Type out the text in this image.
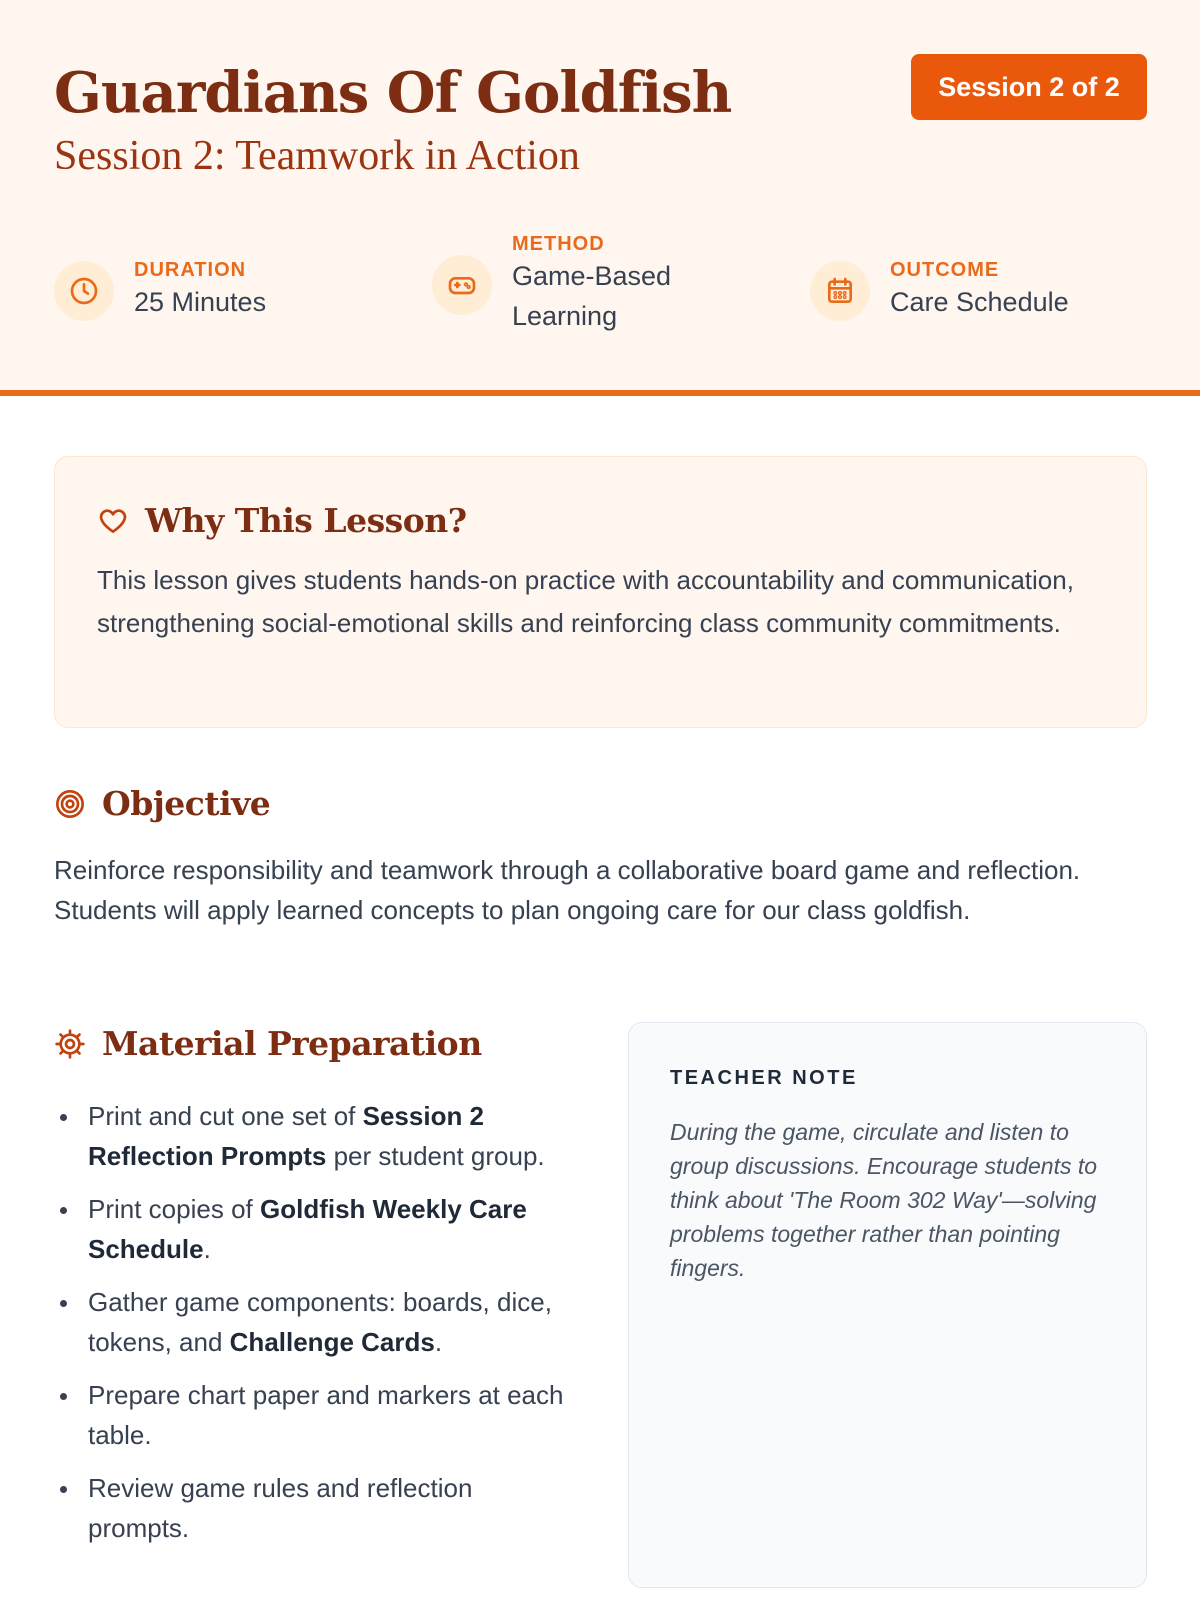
Guardians Of Goldfish
Session 2: Teamwork in Action
Session 2 of 2
DURATION
25 Minutes
METHOD
Game-Based
Learning
OUTCOME
Care Schedule
Why This Lesson?
This lesson gives students hands-on practice with accountability and communication, strengthening social-emotional skills and reinforcing class community commitments.
Objective
Reinforce responsibility and teamwork through a collaborative board game and reflection. Students will apply learned concepts to plan ongoing care for our class goldfish.
Material Preparation
Print and cut one set of Session 2 Reflection Prompts per student group.
Print copies of Goldfish Weekly Care Schedule.
Gather game components: boards, dice, tokens, and Challenge Cards.
Prepare chart paper and markers at each table.
Review game rules and reflection prompts.
TEACHER NOTE
During the game, circulate and listen to group discussions. Encourage students to think about 'The Room 302 Way'—solving problems together rather than pointing fingers.
